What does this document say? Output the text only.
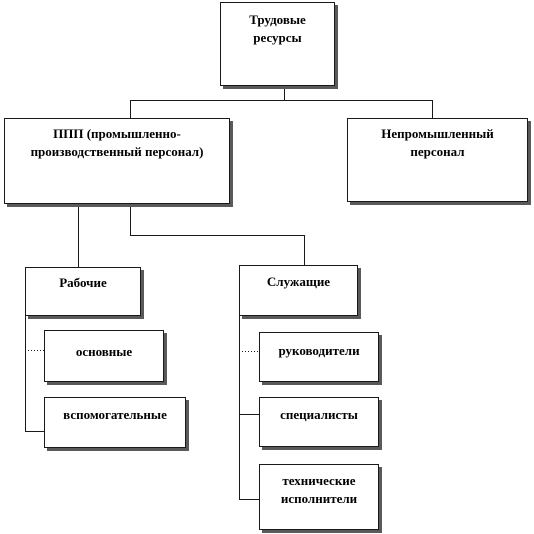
Трудовые
ресурсы
ППП (промышленно-
производственный персонал)
Непромышленный
персонал
Рабочие	Служащие
основные
вспомогательные
руководители
специалисты
технические
исполнители
